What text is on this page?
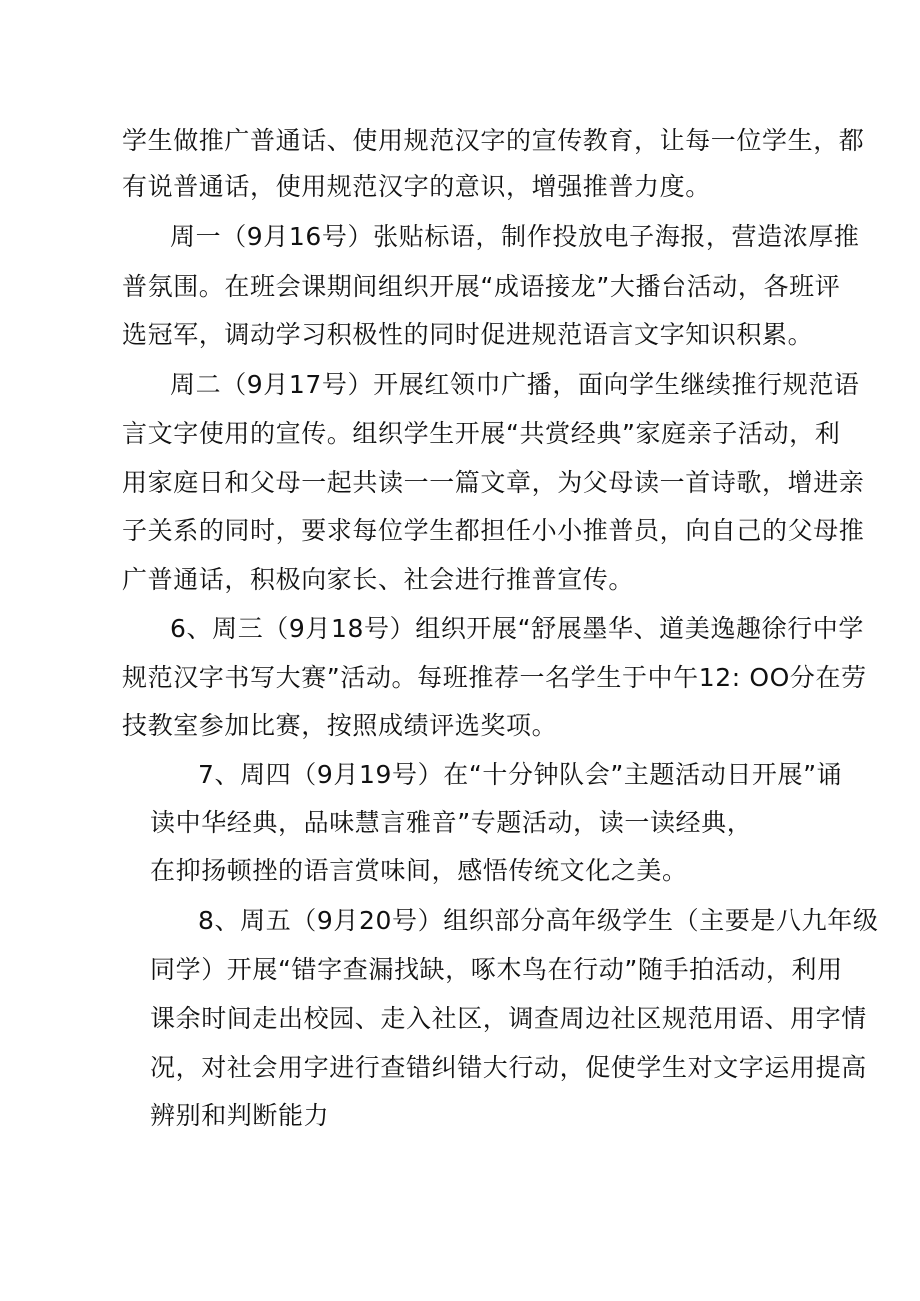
学生做推广普通话、使用规范汉字的宣传教育，让每一位学生，都
有说普通话，使用规范汉字的意识，增强推普力度。
周一（9月16号）张贴标语，制作投放电子海报，营造浓厚推
普氛围。在班会课期间组织开展“成语接龙”大播台活动，各班评
选冠军，调动学习积极性的同时促进规范语言文字知识积累。
周二（9月17号）开展红领巾广播，面向学生继续推行规范语
言文字使用的宣传。组织学生开展“共赏经典”家庭亲子活动，利
用家庭日和父母一起共读一一篇文章，为父母读一首诗歌，增进亲
子关系的同时，要求每位学生都担任小小推普员，向自己的父母推
广普通话，积极向家长、社会进行推普宣传。
6、周三（9月18号）组织开展“舒展墨华、道美逸趣徐行中学
规范汉字书写大赛”活动。每班推荐一名学生于中午12: OO分在劳
技教室参加比赛，按照成绩评选奖项。
7、周四（9月19号）在“十分钟队会”主题活动日开展”诵
读中华经典，品味慧言雅音”专题活动，读一读经典，
在抑扬顿挫的语言赏味间，感悟传统文化之美。
8、周五（9月20号）组织部分高年级学生（主要是八九年级
同学）开展“错字查漏找缺，啄木鸟在行动”随手拍活动，利用
课余时间走出校园、走入社区，调查周边社区规范用语、用字情
况，对社会用字进行查错纠错大行动，促使学生对文字运用提高
辨别和判断能力
